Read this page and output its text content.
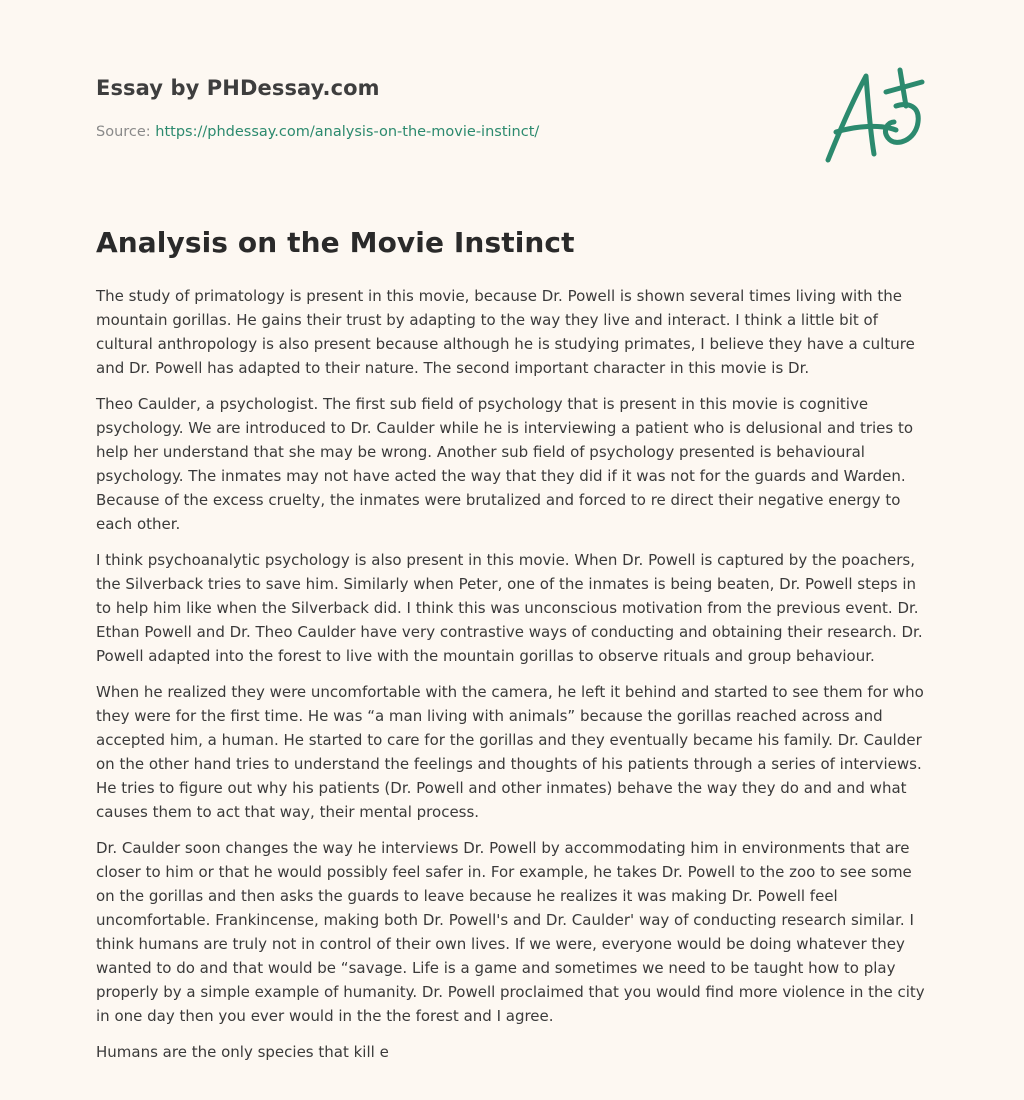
Essay by PHDessay.com
Source: https://phdessay.com/analysis-on-the-movie-instinct/
Analysis on the Movie Instinct

The study of primatology is present in this movie, because Dr. Powell is shown several times living with the mountain gorillas. He gains their trust by adapting to the way they live and interact. I think a little bit of cultural anthropology is also present because although he is studying primates, I believe they have a culture and Dr. Powell has adapted to their nature. The second important character in this movie is Dr.

Theo Caulder, a psychologist. The first sub field of psychology that is present in this movie is cognitive psychology. We are introduced to Dr. Caulder while he is interviewing a patient who is delusional and tries to help her understand that she may be wrong. Another sub field of psychology presented is behavioural psychology. The inmates may not have acted the way that they did if it was not for the guards and Warden. Because of the excess cruelty, the inmates were brutalized and forced to re direct their negative energy to each other.

I think psychoanalytic psychology is also present in this movie. When Dr. Powell is captured by the poachers, the Silverback tries to save him. Similarly when Peter, one of the inmates is being beaten, Dr. Powell steps in to help him like when the Silverback did. I think this was unconscious motivation from the previous event. Dr. Ethan Powell and Dr. Theo Caulder have very contrastive ways of conducting and obtaining their research. Dr. Powell adapted into the forest to live with the mountain gorillas to observe rituals and group behaviour.

When he realized they were uncomfortable with the camera, he left it behind and started to see them for who they were for the first time. He was “a man living with animals” because the gorillas reached across and accepted him, a human. He started to care for the gorillas and they eventually became his family. Dr. Caulder on the other hand tries to understand the feelings and thoughts of his patients through a series of interviews. He tries to figure out why his patients (Dr. Powell and other inmates) behave the way they do and and what causes them to act that way, their mental process.

Dr. Caulder soon changes the way he interviews Dr. Powell by accommodating him in environments that are closer to him or that he would possibly feel safer in. For example, he takes Dr. Powell to the zoo to see some on the gorillas and then asks the guards to leave because he realizes it was making Dr. Powell feel uncomfortable. Frankincense, making both Dr. Powell's and Dr. Caulder' way of conducting research similar. I think humans are truly not in control of their own lives. If we were, everyone would be doing whatever they wanted to do and that would be “savage. Life is a game and sometimes we need to be taught how to play properly by a simple example of humanity. Dr. Powell proclaimed that you would find more violence in the city in one day then you ever would in the the forest and I agree.

Humans are the only species that kill e
